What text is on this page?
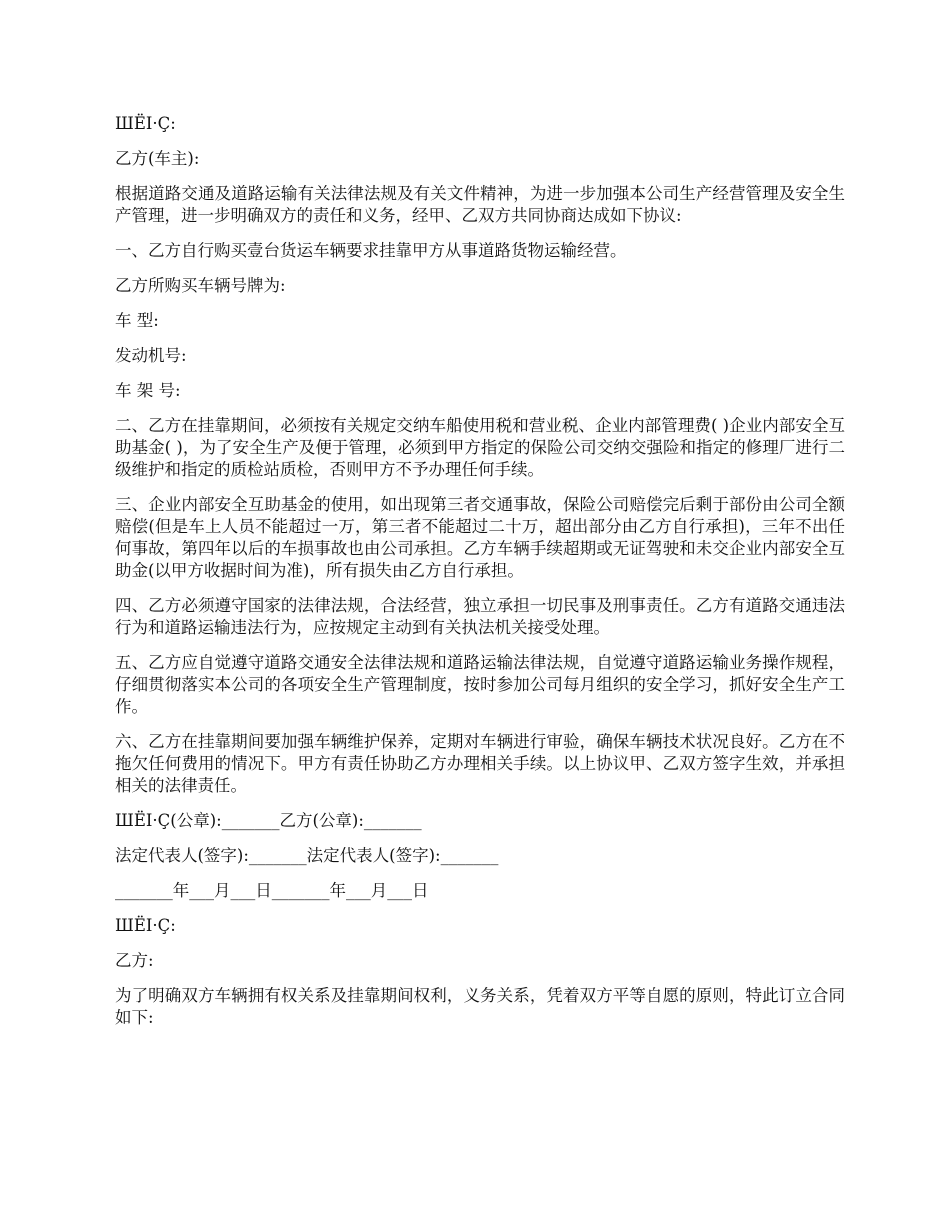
ШЁІ·Ҫ:

乙方(车主):

根据道路交通及道路运输有关法律法规及有关文件精神，为进一步加强本公司生产经营管理及安全生产管理，进一步明确双方的责任和义务，经甲、乙双方共同协商达成如下协议:

一、乙方自行购买壹台货运车辆要求挂靠甲方从事道路货物运输经营。

乙方所购买车辆号牌为:

车 型:

发动机号:

车 架 号:

二、乙方在挂靠期间，必须按有关规定交纳车船使用税和营业税、企业内部管理费( )企业内部安全互助基金( )，为了安全生产及便于管理，必须到甲方指定的保险公司交纳交强险和指定的修理厂进行二级维护和指定的质检站质检，否则甲方不予办理任何手续。

三、企业内部安全互助基金的使用，如出现第三者交通事故，保险公司赔偿完后剩于部份由公司全额赔偿(但是车上人员不能超过一万，第三者不能超过二十万，超出部分由乙方自行承担)，三年不出任何事故，第四年以后的车损事故也由公司承担。乙方车辆手续超期或无证驾驶和未交企业内部安全互助金(以甲方收据时间为准)，所有损失由乙方自行承担。

四、乙方必须遵守国家的法律法规，合法经营，独立承担一切民事及刑事责任。乙方有道路交通违法行为和道路运输违法行为，应按规定主动到有关执法机关接受处理。

五、乙方应自觉遵守道路交通安全法律法规和道路运输法律法规，自觉遵守道路运输业务操作规程，仔细贯彻落实本公司的各项安全生产管理制度，按时参加公司每月组织的安全学习，抓好安全生产工作。

六、乙方在挂靠期间要加强车辆维护保养，定期对车辆进行审验，确保车辆技术状况良好。乙方在不拖欠任何费用的情况下。甲方有责任协助乙方办理相关手续。以上协议甲、乙双方签字生效，并承担相关的法律责任。

ШЁІ·Ҫ(公章):_______乙方(公章):_______

法定代表人(签字):_______法定代表人(签字):_______

_______年___月___日_______年___月___日

ШЁІ·Ҫ:

乙方:

为了明确双方车辆拥有权关系及挂靠期间权利，义务关系，凭着双方平等自愿的原则，特此订立合同如下:
